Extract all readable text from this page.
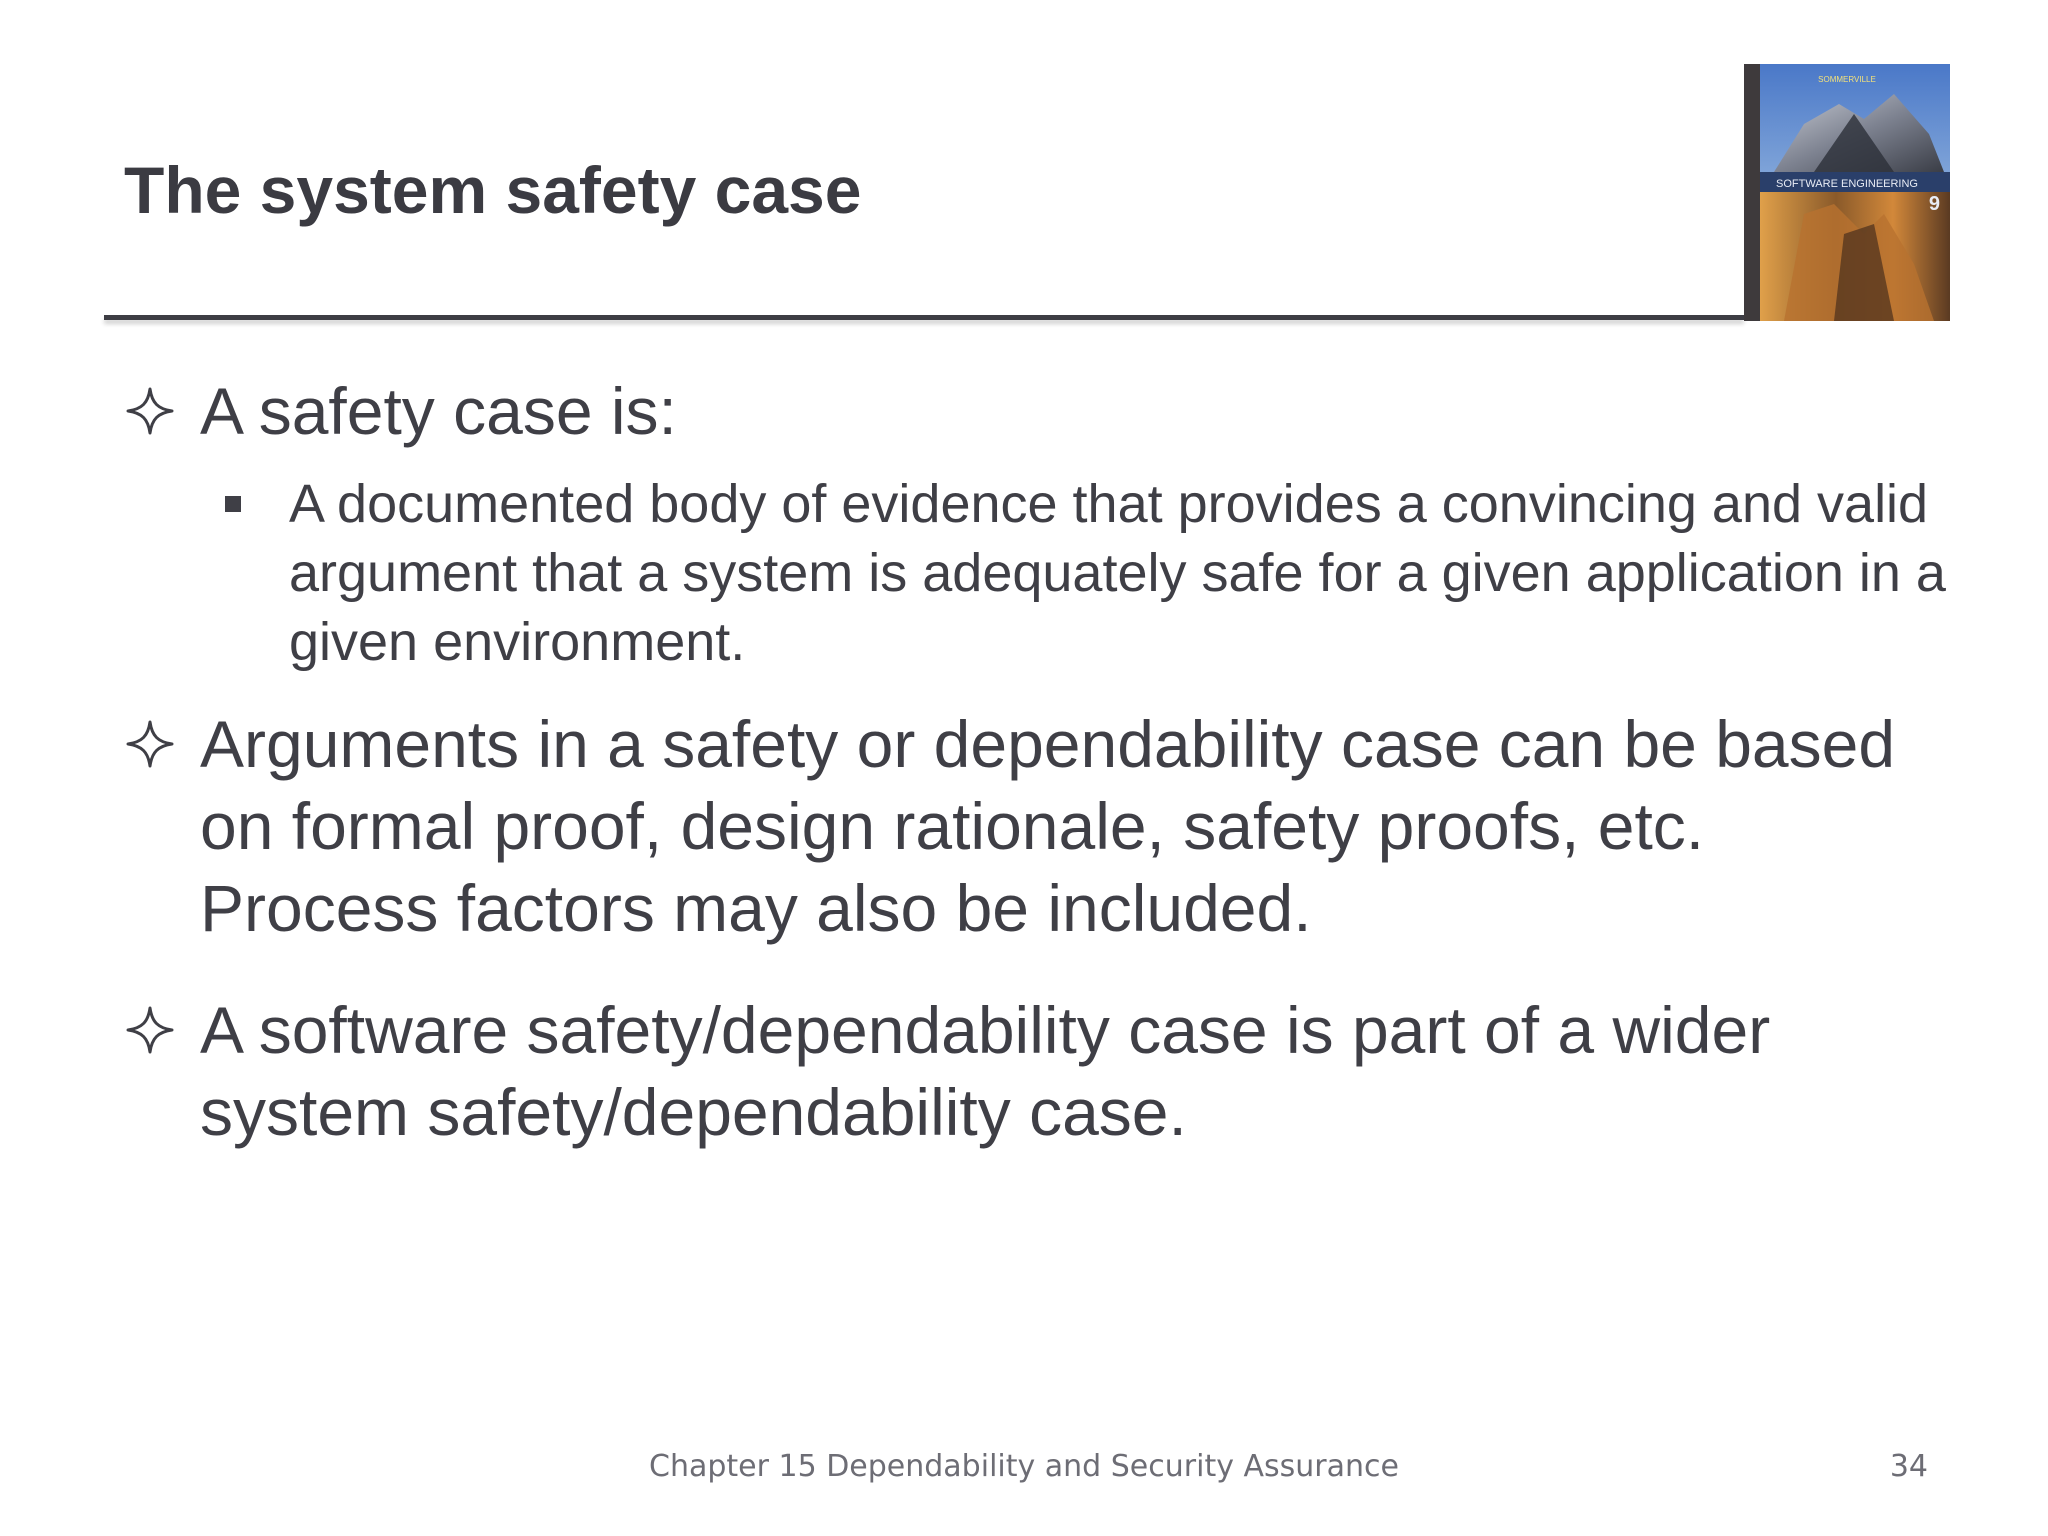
The system safety case	SOFTWARE ENGINEERING
SOMMERVILLE
9
A safety case is:
A documented body of evidence that provides a convincing and valid argument that a system is adequately safe for a given application in a given environment.
Arguments in a safety or dependability case can be based on formal proof, design rationale, safety proofs, etc. Process factors may also be included.
A software safety/dependability case is part of a wider system safety/dependability case.
Chapter 15 Dependability and Security Assurance	34
